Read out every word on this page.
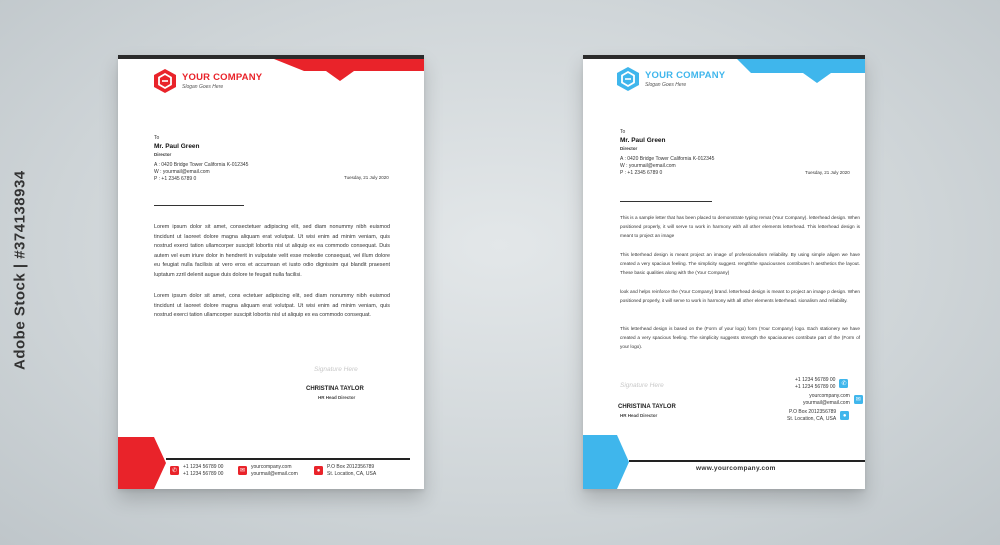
Adobe Stock | #374138934
YOUR COMPANY
Slogan Goes Here
To
Mr. Paul Green
Director
A : 0420 Bridge Tower California K-012345
W : yourmail@email.com
P : +1 2345 6789 0	Tuesday, 21 July 2020
Lorem ipsum dolor sit amet, consectetuer adipiscing elit, sed diam nonummy nibh euismod tincidunt ut laoreet dolore magna aliquam erat volutpat. Ut wisi enim ad minim veniam, quis nostrud exerci tation ullamcorper suscipit lobortis nisl ut aliquip ex ea commodo consequat. Duis autem vel eum iriure dolor in hendrerit in vulputate velit esse molestie consequat, vel illum dolore eu feugiat nulla facilisis at vero eros et accumsan et iusto odio dignissim qui blandit praesent luptatum zzril delenit augue duis dolore te feugait nulla facilisi.
Lorem ipsum dolor sit amet, cons ectetuer adipiscing elit, sed diam nonummy nibh euismod tincidunt ut laoreet dolore magna aliquam erat volutpat. Ut wisi enim ad minim veniam, quis nostrud exerci tation ullamcorper suscipit lobortis nisl ut aliquip ex ea commodo consequat.
Signature Here
CHRISTINA TAYLOR
HR Head Director
✆
+1 1234 56789 00
+1 1234 56789 00	✉
yourcompany.com
yourmail@email.com	●
P.O Box 2012356789
St. Location, CA, USA
YOUR COMPANY
Slogan Goes Here
To
Mr. Paul Green
Director
A : 0420 Bridge Tower California K-012345
W : yourmail@email.com
P : +1 2345 6789 0	Tuesday, 21 July 2020
This is a sample letter that has been placed to demonstrate typing remat (Your Company). letterhead design. When positioned properly, it will serve to work in harmony with all other elements letterhead. This letterhead design is meant to project an image
This letterhead design is meant project an image of professionalism reliability. By using simple aligen we have created a very spacious feeling. The simplicity suggest. rengththe spaciousnes contributes h aesthetics the layout. These basic qualities along with the (Your Company)
look and helps reinforce the (Your Company) brand. letterhead design is meant to project an image p design. When positioned properly, it will serve to work in harmony with all other elements letterhead. sionalism and reliability.
This letterhead design is based on the (Form of your logo) form (Your Company) logo. Each stationery we have created a very spacious feeling. The simplicity suggests strength the spaciousnes contribute part of the (Form of your logo).
Signature Here
CHRISTINA TAYLOR
HR Head Director
+1 1234 56789 00
+1 1234 56789 00 ✆
yourcompany.com
yourmail@email.com ✉
P.O Box 2012356789
St. Location, CA, USA	●
www.yourcompany.com
